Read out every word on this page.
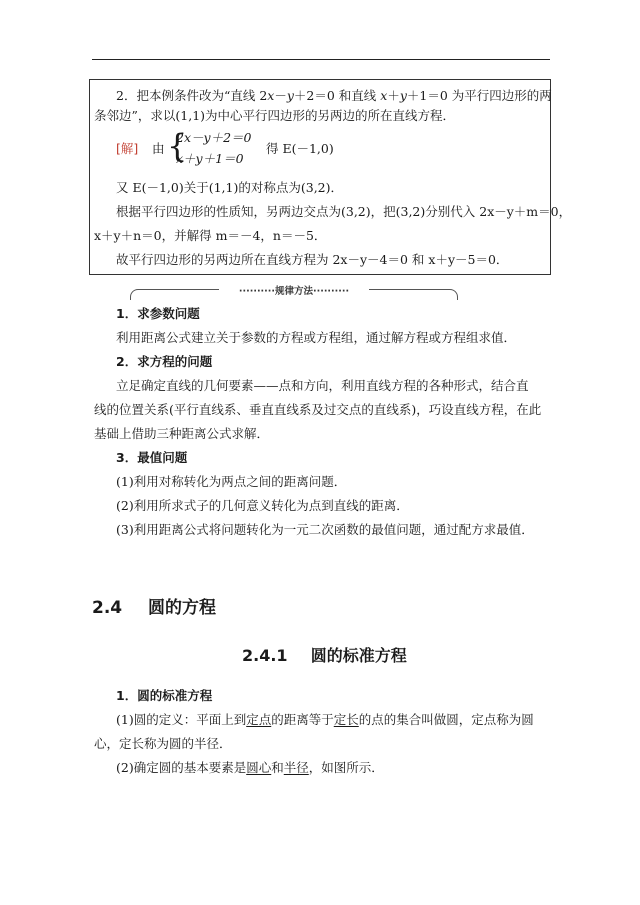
2．把本例条件改为“直线 2x－y＋2＝0 和直线 x＋y＋1＝0 为平行四边形的两
条邻边”，求以(1,1)为中心平行四边形的另两边的所在直线方程．
[解] 由 {
2x－y＋2＝0
x＋y＋1＝0
得 E(－1,0)
又 E(－1,0)关于(1,1)的对称点为(3,2)．
根据平行四边形的性质知，另两边交点为(3,2)，把(3,2)分别代入 2x－y＋m＝0，
x＋y＋n＝0，并解得 m＝－4，n＝－5．
故平行四边形的另两边所在直线方程为 2x－y－4＝0 和 x＋y－5＝0．
··········规律方法··········
1．求参数问题
利用距离公式建立关于参数的方程或方程组，通过解方程或方程组求值．
2．求方程的问题
立足确定直线的几何要素——点和方向，利用直线方程的各种形式，结合直
线的位置关系(平行直线系、垂直直线系及过交点的直线系)，巧设直线方程，在此
基础上借助三种距离公式求解．
3．最值问题
(1)利用对称转化为两点之间的距离问题．
(2)利用所求式子的几何意义转化为点到直线的距离．
(3)利用距离公式将问题转化为一元二次函数的最值问题，通过配方求最值．
2.4 圆的方程
2.4.1 圆的标准方程
1．圆的标准方程
(1)圆的定义：平面上到定点的距离等于定长的点的集合叫做圆，定点称为圆
心，定长称为圆的半径．
(2)确定圆的基本要素是圆心和半径，如图所示．
